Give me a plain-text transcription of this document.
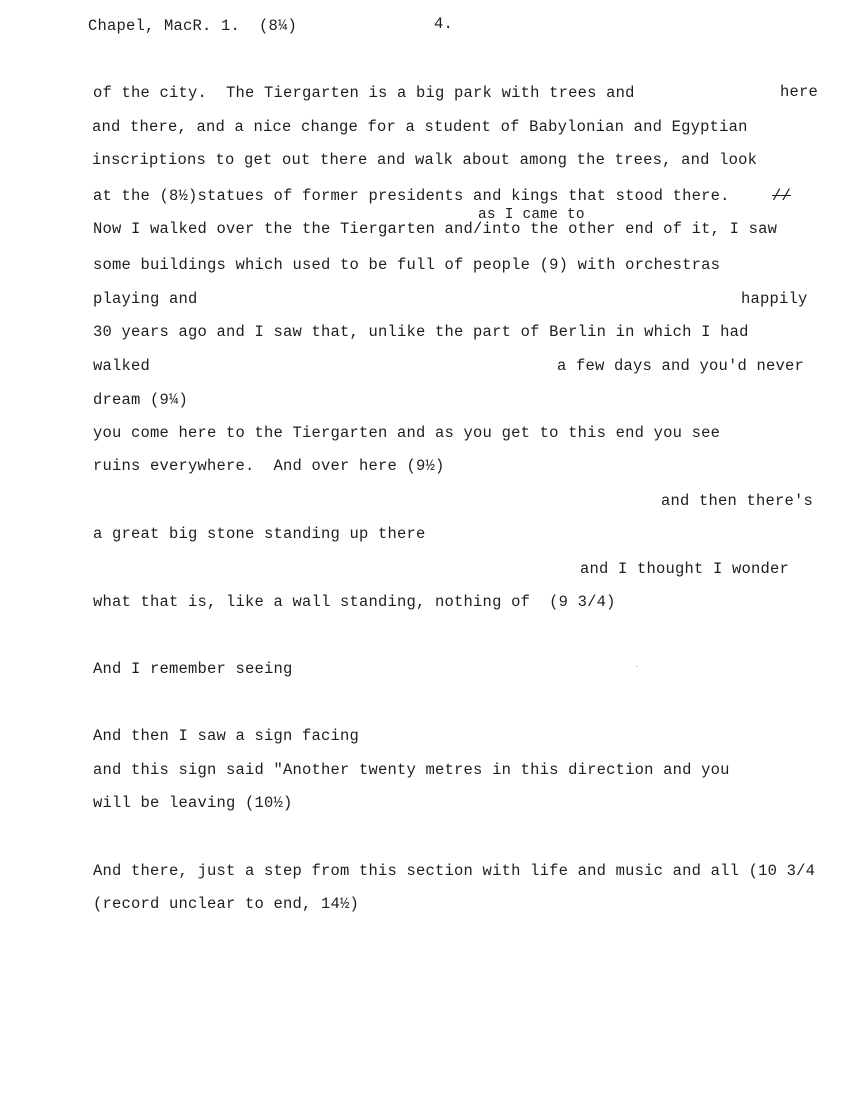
Chapel, MacR. 1.  (8¼)	4.
of the city.  The Tiergarten is a big park with trees and	here
and there, and a nice change for a student of Babylonian and Egyptian
inscriptions to get out there and walk about among the trees, and look
at the (8½)statues of former presidents and kings that stood there.	//
as I came to
Now I walked over the the Tiergarten and/into the other end of it, I saw
some buildings which used to be full of people (9) with orchestras
playing and	happily
30 years ago and I saw that, unlike the part of Berlin in which I had
walked	a few days and you'd never
dream (9¼)
you come here to the Tiergarten and as you get to this end you see
ruins everywhere.  And over here (9½)
and then there's
a great big stone standing up there
and I thought I wonder
what that is, like a wall standing, nothing of  (9 3/4)
And I remember seeing
And then I saw a sign facing
and this sign said "Another twenty metres in this direction and you
will be leaving (10½)
And there, just a step from this section with life and music and all (10 3/4
(record unclear to end, 14½)
